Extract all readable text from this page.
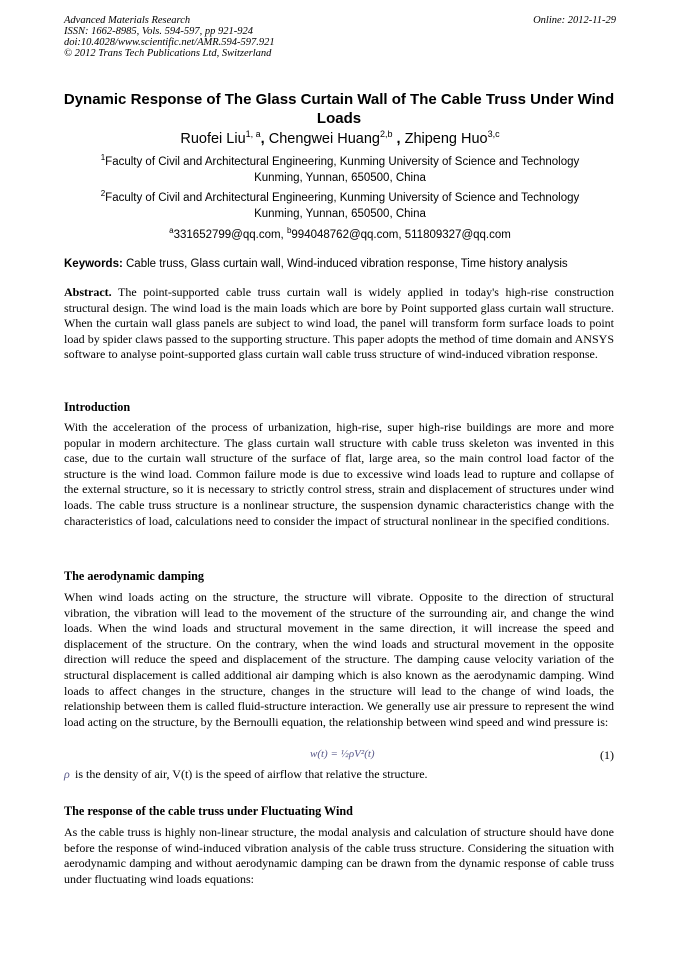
Advanced Materials Research
ISSN: 1662-8985, Vols. 594-597, pp 921-924
doi:10.4028/www.scientific.net/AMR.594-597.921
© 2012 Trans Tech Publications Ltd, Switzerland
Online: 2012-11-29
Dynamic Response of The Glass Curtain Wall of The Cable Truss Under Wind Loads
Ruofei Liu$^{1, a}$, Chengwei Huang$^{2,b}$ , Zhipeng Huo$^{3,c}$
$^1$Faculty of Civil and Architectural Engineering, Kunming University of Science and Technology
Kunming, Yunnan, 650500, China
$^2$Faculty of Civil and Architectural Engineering, Kunming University of Science and Technology
Kunming, Yunnan, 650500, China
$^a$331652799@qq.com, $^b$994048762@qq.com, 511809327@qq.com
Keywords: Cable truss, Glass curtain wall, Wind-induced vibration response, Time history analysis
Abstract. The point-supported cable truss curtain wall is widely applied in today's high-rise construction structural design. The wind load is the main loads which are bore by Point supported glass curtain wall structure. When the curtain wall glass panels are subject to wind load, the panel will transform form surface loads to point load by spider claws passed to the supporting structure. This paper adopts the method of time domain and ANSYS software to analyse point-supported glass curtain wall cable truss structure of wind-induced vibration response.
Introduction
With the acceleration of the process of urbanization, high-rise, super high-rise buildings are more and more popular in modern architecture. The glass curtain wall structure with cable truss skeleton was invented in this case, due to the curtain wall structure of the surface of flat, large area, so the main control load factor of the structure is the wind load. Common failure mode is due to excessive wind loads lead to rupture and collapse of the external structure, so it is necessary to strictly control stress, strain and displacement of structures under wind loads. The cable truss structure is a nonlinear structure, the suspension dynamic characteristics change with the characteristics of load, calculations need to consider the impact of structural nonlinear in the specified conditions.
The aerodynamic damping
When wind loads acting on the structure, the structure will vibrate. Opposite to the direction of structural vibration, the vibration will lead to the movement of the structure of the surrounding air, and change the wind loads. When the wind loads and structural movement in the same direction, it will increase the speed and displacement of the structure. On the contrary, when the wind loads and structural movement in the opposite direction will reduce the speed and displacement of the structure. The damping cause velocity variation of the structural displacement is called additional air damping which is also known as the aerodynamic damping. Wind loads to affect changes in the structure, changes in the structure will lead to the change of wind loads, the relationship between them is called fluid-structure interaction. We generally use air pressure to represent the wind load acting on the structure, by the Bernoulli equation, the relationship between wind speed and wind pressure is:
w(t) = ½ρV²(t)	(1)
ρ is the density of air, V(t) is the speed of airflow that relative the structure.
The response of the cable truss under Fluctuating Wind
As the cable truss is highly non-linear structure, the modal analysis and calculation of structure should have done before the response of wind-induced vibration analysis of the cable truss structure. Considering the situation with aerodynamic damping and without aerodynamic damping can be drawn from the dynamic response of cable truss under fluctuating wind loads equations:
